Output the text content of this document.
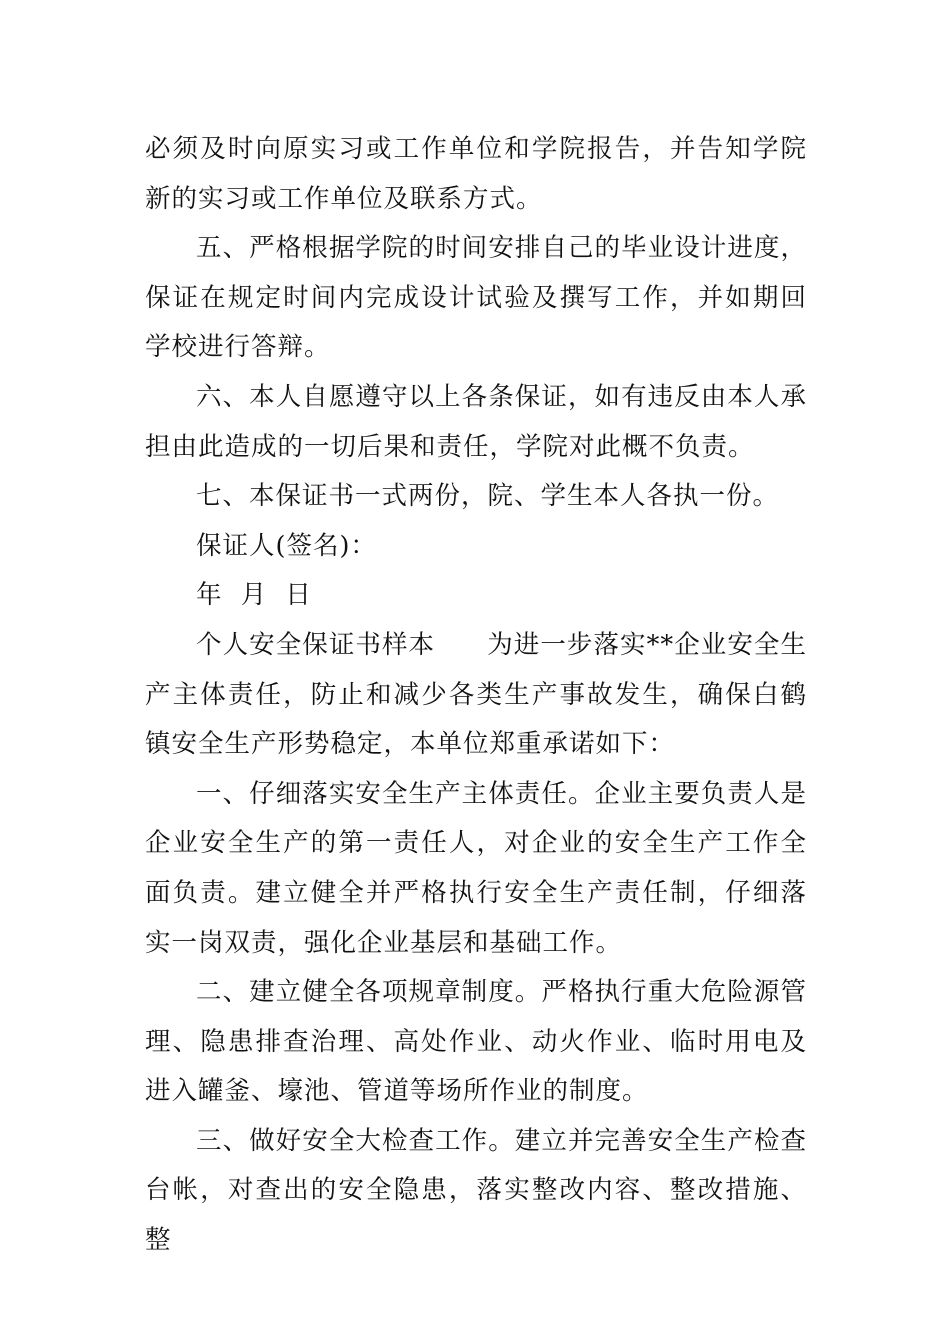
必须及时向原实习或工作单位和学院报告，并告知学院新的实习或工作单位及联系方式。

五、严格根据学院的时间安排自己的毕业设计进度，保证在规定时间内完成设计试验及撰写工作，并如期回学校进行答辩。

六、本人自愿遵守以上各条保证，如有违反由本人承担由此造成的一切后果和责任，学院对此概不负责。

七、本保证书一式两份，院、学生本人各执一份。

保证人(签名)：

年  月  日

个人安全保证书样本 为进一步落实**企业安全生产主体责任，防止和减少各类生产事故发生，确保白鹤镇安全生产形势稳定，本单位郑重承诺如下：

一、仔细落实安全生产主体责任。企业主要负责人是企业安全生产的第一责任人，对企业的安全生产工作全面负责。建立健全并严格执行安全生产责任制，仔细落实一岗双责，强化企业基层和基础工作。

二、建立健全各项规章制度。严格执行重大危险源管理、隐患排查治理、高处作业、动火作业、临时用电及进入罐釜、壕池、管道等场所作业的制度。

三、做好安全大检查工作。建立并完善安全生产检查台帐，对查出的安全隐患，落实整改内容、整改措施、整
